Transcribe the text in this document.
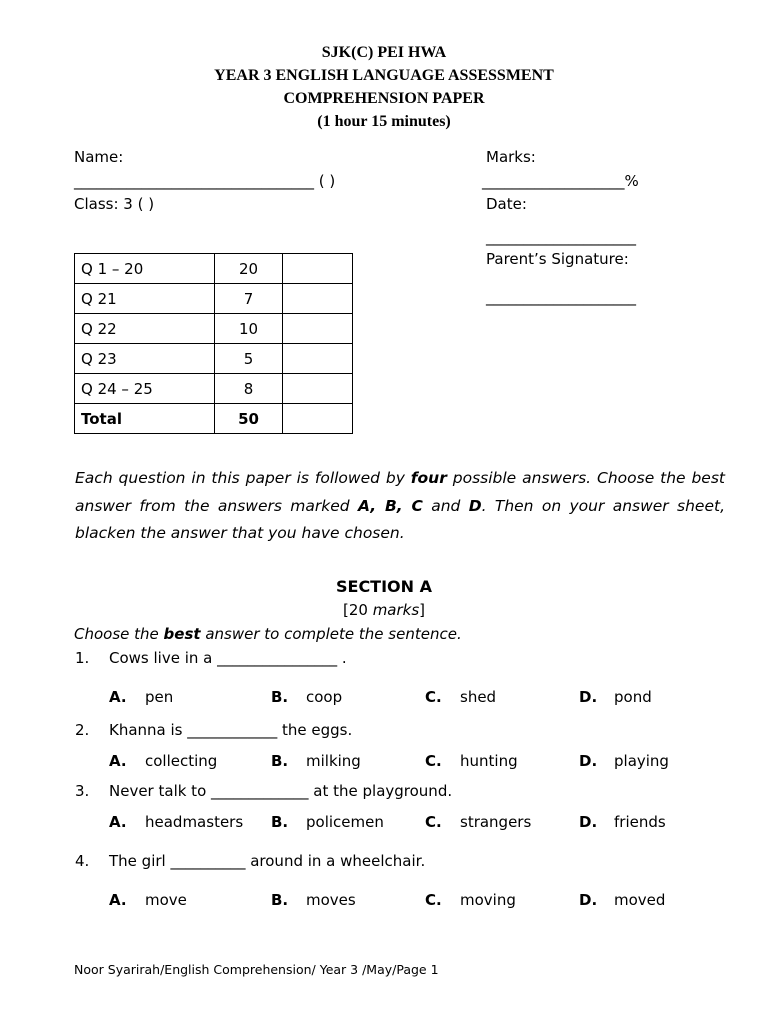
SJK(C) PEI HWA
YEAR 3 ENGLISH LANGUAGE ASSESSMENT
COMPREHENSION PAPER
(1 hour 15 minutes)
Name:
________________________________ ( )
Class: 3 ( )
Marks:
___________________%
Date:
____________________
Parent’s Signature:
____________________
Q 1 – 20	20	
Q 21	7	
Q 22	10	
Q 23	5	
Q 24 – 25	8	
Total	50	
Each question in this paper is followed by four possible answers. Choose the best answer from the answers marked A, B, C and D. Then on your answer sheet, blacken the answer that you have chosen.
SECTION A
[20 marks]
Choose the best answer to complete the sentence.
1. Cows live in a ________________ .
A. pen	B. coop	C. shed	D. pond
2. Khanna is ____________ the eggs.
A. collecting	B. milking	C. hunting	D. playing
3. Never talk to _____________ at the playground.
A. headmasters B. policemen	C. strangers	D. friends
4. The girl __________ around in a wheelchair.
A. move	B. moves	C. moving	D. moved
Noor Syarirah/English Comprehension/ Year 3 /May/Page 1
